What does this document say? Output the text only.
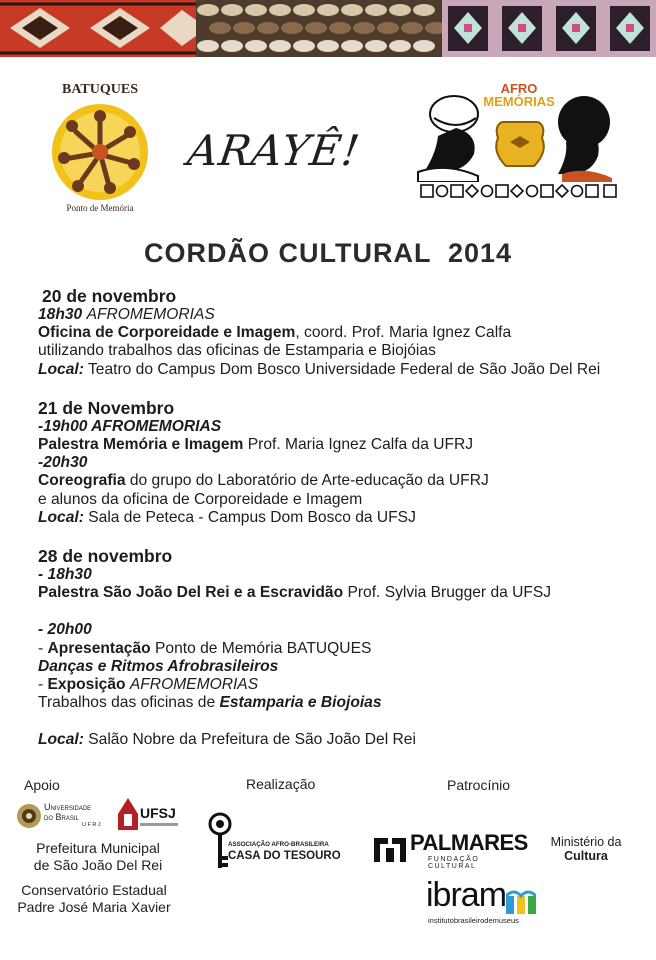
BATUQUES
Ponto de Memória
ARAYÊ!
AFRO
MEMÓRIAS
CORDÃO CULTURAL  2014

20 de novembro

18h30 AFROMEMORIAS

Oficina de Corporeidade e Imagem, coord. Prof. Maria Ignez Calfa

utilizando trabalhos das oficinas de Estamparia e Biojóias

Local: Teatro do Campus Dom Bosco Universidade Federal de São João Del Rei

21 de Novembro

-19h00 AFROMEMORIAS

Palestra Memória e Imagem Prof. Maria Ignez Calfa da UFRJ

-20h30

Coreografia do grupo do Laboratório de Arte-educação da UFRJ

e alunos da oficina de Corporeidade e Imagem

Local: Sala de Peteca - Campus Dom Bosco da UFSJ

28 de novembro

- 18h30

Palestra São João Del Rei e a Escravidão Prof. Sylvia Brugger da UFSJ

- 20h00

- Apresentação Ponto de Memória BATUQUES

Danças e Ritmos Afrobrasileiros

- Exposição AFROMEMORIAS

Trabalhos das oficinas de Estamparia e Biojoias

Local: Salão Nobre da Prefeitura de São João Del Rei

Apoio	Realização	Patrocínio
Universidade
do Brasil
U F R J
UFSJ
Prefeitura Municipal
de São João Del Rei
Conservatório Estadual
Padre José Maria Xavier
ASSOCIAÇÃO AFRO-BRASILEIRA
CASA DO TESOURO
PALMARES
FUNDAÇÃO CULTURAL
Ministério da
Cultura
ibram
institutobrasileirodemuseus
